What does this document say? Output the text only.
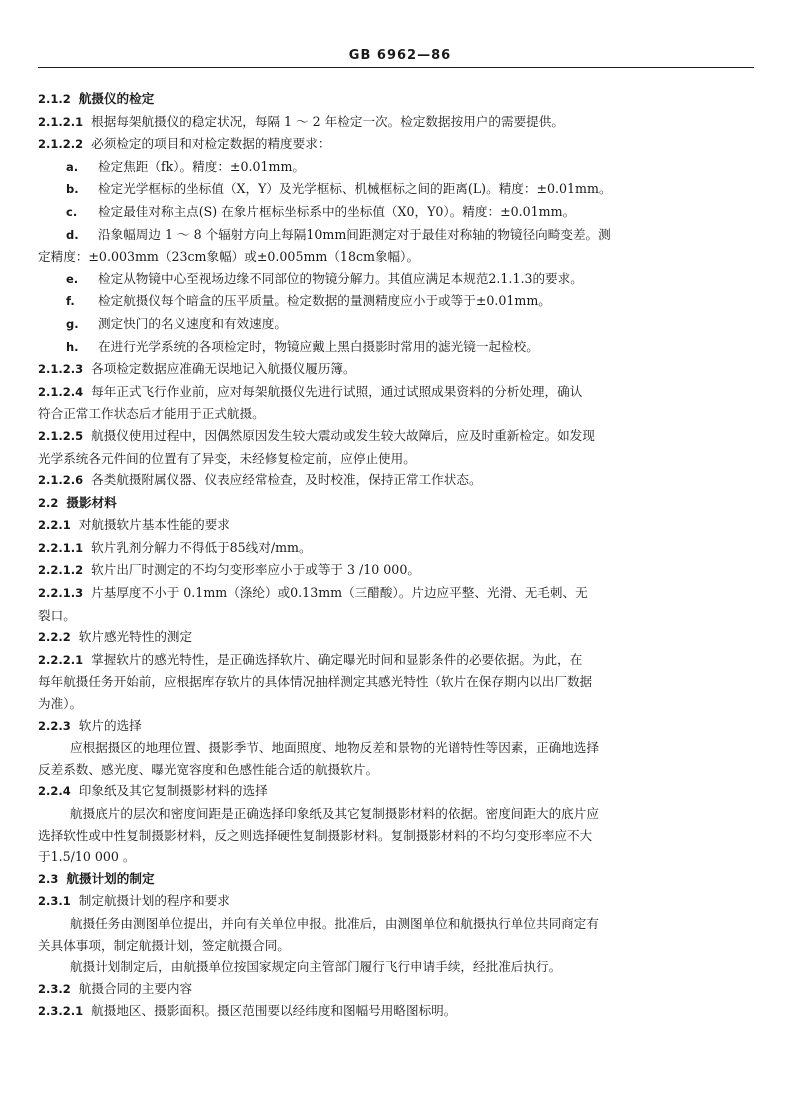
GB 6962—86
2.1.2 航摄仪的检定
2.1.2.1 根据每架航摄仪的稳定状况，每隔 1 ～ 2 年检定一次。检定数据按用户的需要提供。
2.1.2.2 必须检定的项目和对检定数据的精度要求：
a. 检定焦距（fk）。精度：±0.01mm。
b. 检定光学框标的坐标值（X，Y）及光学框标、机械框标之间的距离(L)。精度：±0.01mm。
c. 检定最佳对称主点(S) 在象片框标坐标系中的坐标值（X0，Y0）。精度：±0.01mm。
d. 沿象幅周边 1 ～ 8 个辐射方向上每隔10mm间距测定对于最佳对称轴的物镜径向畸变差。测
定精度：±0.003mm（23cm象幅）或±0.005mm（18cm象幅）。
e. 检定从物镜中心至视场边缘不同部位的物镜分解力。其值应满足本规范2.1.1.3的要求。
f. 检定航摄仪每个暗盒的压平质量。检定数据的量测精度应小于或等于±0.01mm。
g. 测定快门的名义速度和有效速度。
h. 在进行光学系统的各项检定时，物镜应戴上黑白摄影时常用的滤光镜一起检校。
2.1.2.3 各项检定数据应准确无误地记入航摄仪履历簿。
2.1.2.4 每年正式飞行作业前，应对每架航摄仪先进行试照，通过试照成果资料的分析处理，确认
符合正常工作状态后才能用于正式航摄。
2.1.2.5 航摄仪使用过程中，因偶然原因发生较大震动或发生较大故障后，应及时重新检定。如发现
光学系统各元件间的位置有了异变，未经修复检定前，应停止使用。
2.1.2.6 各类航摄附属仪器、仪表应经常检查，及时校准，保持正常工作状态。
2.2 摄影材料
2.2.1 对航摄软片基本性能的要求
2.2.1.1 软片乳剂分解力不得低于85线对/mm。
2.2.1.2 软片出厂时测定的不均匀变形率应小于或等于 3 /10 000。
2.2.1.3 片基厚度不小于 0.1mm（涤纶）或0.13mm（三醋酸）。片边应平整、光滑、无毛刺、无
裂口。
2.2.2 软片感光特性的测定
2.2.2.1 掌握软片的感光特性，是正确选择软片、确定曝光时间和显影条件的必要依据。为此，在
每年航摄任务开始前，应根据库存软片的具体情况抽样测定其感光特性（软片在保存期内以出厂数据
为准）。
2.2.3 软片的选择
应根据摄区的地理位置、摄影季节、地面照度、地物反差和景物的光谱特性等因素，正确地选择
反差系数、感光度、曝光宽容度和色感性能合适的航摄软片。
2.2.4 印象纸及其它复制摄影材料的选择
航摄底片的层次和密度间距是正确选择印象纸及其它复制摄影材料的依据。密度间距大的底片应
选择软性或中性复制摄影材料，反之则选择硬性复制摄影材料。复制摄影材料的不均匀变形率应不大
于1.5/10 000 。
2.3 航摄计划的制定
2.3.1 制定航摄计划的程序和要求
航摄任务由测图单位提出，并向有关单位申报。批准后，由测图单位和航摄执行单位共同商定有
关具体事项，制定航摄计划，签定航摄合同。
航摄计划制定后，由航摄单位按国家规定向主管部门履行飞行申请手续，经批准后执行。
2.3.2 航摄合同的主要内容
2.3.2.1 航摄地区、摄影面积。摄区范围要以经纬度和图幅号用略图标明。
